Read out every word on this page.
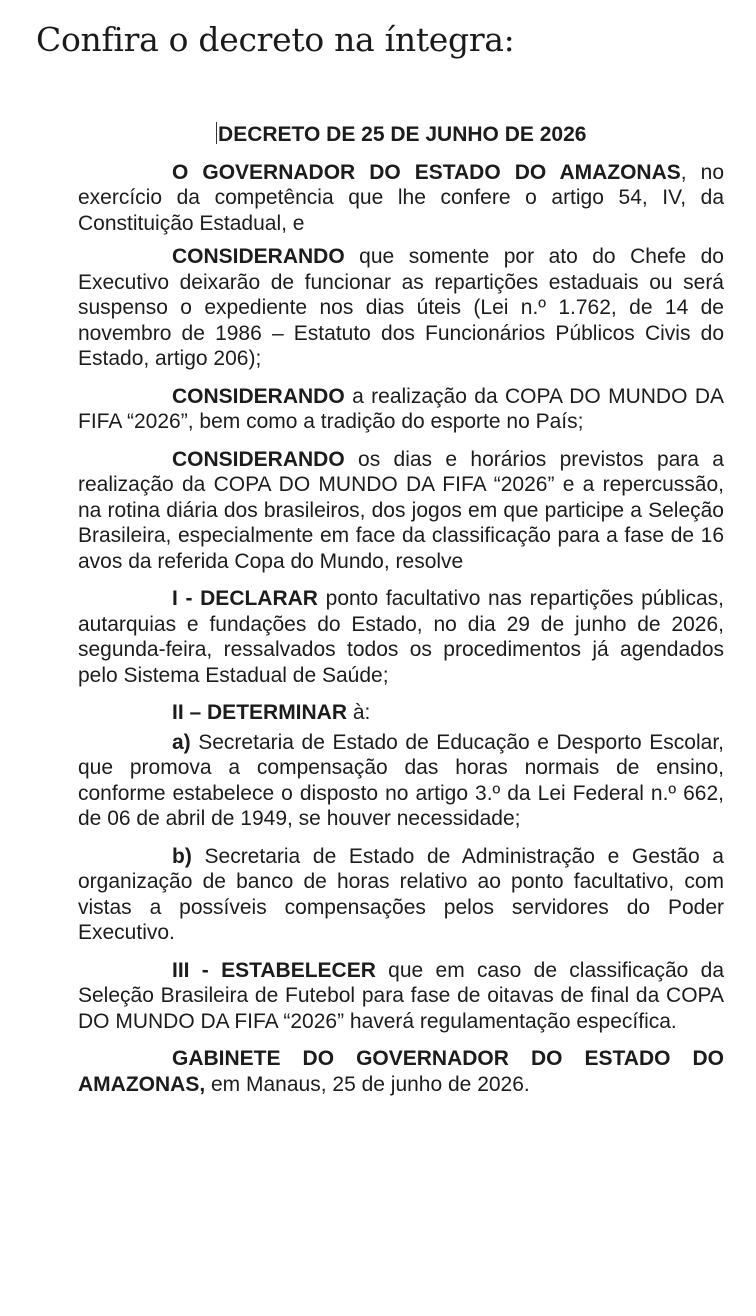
Confira o decreto na íntegra:
DECRETO DE 25 DE JUNHO DE 2026

O GOVERNADOR DO ESTADO DO AMAZONAS, no exercício da competência que lhe confere o artigo 54, IV, da Constituição Estadual, e

CONSIDERANDO que somente por ato do Chefe do Executivo deixarão de funcionar as repartições estaduais ou será suspenso o expediente nos dias úteis (Lei n.º 1.762, de 14 de novembro de 1986 – Estatuto dos Funcionários Públicos Civis do Estado, artigo 206);

CONSIDERANDO a realização da COPA DO MUNDO DA FIFA “2026”, bem como a tradição do esporte no País;

CONSIDERANDO os dias e horários previstos para a realização da COPA DO MUNDO DA FIFA “2026” e a repercussão, na rotina diária dos brasileiros, dos jogos em que participe a Seleção Brasileira, especialmente em face da classificação para a fase de 16 avos da referida Copa do Mundo, resolve

I - DECLARAR ponto facultativo nas repartições públicas, autarquias e fundações do Estado, no dia 29 de junho de 2026, segunda-feira, ressalvados todos os procedimentos já agendados pelo Sistema Estadual de Saúde;

II – DETERMINAR à:

a) Secretaria de Estado de Educação e Desporto Escolar, que promova a compensação das horas normais de ensino, conforme estabelece o disposto no artigo 3.º da Lei Federal n.º 662, de 06 de abril de 1949, se houver necessidade;

b) Secretaria de Estado de Administração e Gestão a organização de banco de horas relativo ao ponto facultativo, com vistas a possíveis compensações pelos servidores do Poder Executivo.

III - ESTABELECER que em caso de classificação da Seleção Brasileira de Futebol para fase de oitavas de final da COPA DO MUNDO DA FIFA “2026” haverá regulamentação específica.

GABINETE DO GOVERNADOR DO ESTADO DO AMAZONAS, em Manaus, 25 de junho de 2026.
